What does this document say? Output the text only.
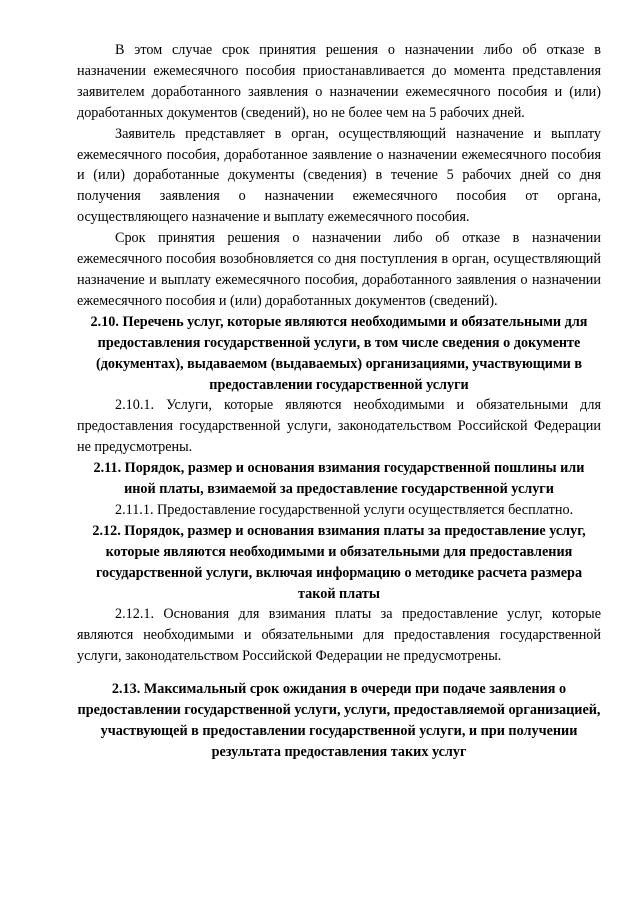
В этом случае срок принятия решения о назначении либо об отказе в назначении ежемесячного пособия приостанавливается до момента представления заявителем доработанного заявления о назначении ежемесячного пособия и (или) доработанных документов (сведений), но не более чем на 5 рабочих дней.

Заявитель представляет в орган, осуществляющий назначение и выплату ежемесячного пособия, доработанное заявление о назначении ежемесячного пособия и (или) доработанные документы (сведения) в течение 5 рабочих дней со дня получения заявления о назначении ежемесячного пособия от органа, осуществляющего назначение и выплату ежемесячного пособия.

Срок принятия решения о назначении либо об отказе в назначении ежемесячного пособия возобновляется со дня поступления в орган, осуществляющий назначение и выплату ежемесячного пособия, доработанного заявления о назначении ежемесячного пособия и (или) доработанных документов (сведений).

2.10. Перечень услуг, которые являются необходимыми и обязательными для предоставления государственной услуги, в том числе сведения о документе (документах), выдаваемом (выдаваемых) организациями, участвующими в предоставлении государственной услуги

2.10.1. Услуги, которые являются необходимыми и обязательными для предоставления государственной услуги, законодательством Российской Федерации не предусмотрены.

2.11. Порядок, размер и основания взимания государственной пошлины или иной платы, взимаемой за предоставление государственной услуги

2.11.1. Предоставление государственной услуги осуществляется бесплатно.

2.12. Порядок, размер и основания взимания платы за предоставление услуг, которые являются необходимыми и обязательными для предоставления государственной услуги, включая информацию о методике расчета размера такой платы

2.12.1. Основания для взимания платы за предоставление услуг, которые являются необходимыми и обязательными для предоставления государственной услуги, законодательством Российской Федерации не предусмотрены.

2.13. Максимальный срок ожидания в очереди при подаче заявления о предоставлении государственной услуги, услуги, предоставляемой организацией, участвующей в предоставлении государственной услуги, и при получении результата предоставления таких услуг
